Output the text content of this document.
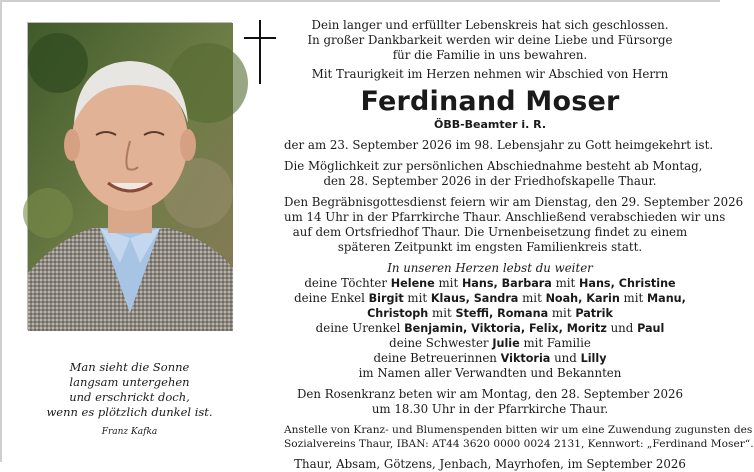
Man sieht die Sonne
langsam untergehen
und erschrickt doch,
wenn es plötzlich dunkel ist.
Franz Kafka
Dein langer und erfüllter Lebenskreis hat sich geschlossen.
In großer Dankbarkeit werden wir deine Liebe und Fürsorge
für die Familie in uns bewahren.
Mit Traurigkeit im Herzen nehmen wir Abschied von Herrn
Ferdinand Moser
ÖBB-Beamter i. R.
der am 23. September 2026 im 98. Lebensjahr zu Gott heimgekehrt ist.
Die Möglichkeit zur persönlichen Abschiednahme besteht ab Montag,
den 28. September 2026 in der Friedhofskapelle Thaur.
Den Begräbnisgottesdienst feiern wir am Dienstag, den 29. September 2026
um 14 Uhr in der Pfarrkirche Thaur. Anschließend verabschieden wir uns
auf dem Ortsfriedhof Thaur. Die Urnenbeisetzung findet zu einem
späteren Zeitpunkt im engsten Familienkreis statt.
In unseren Herzen lebst du weiter
deine Töchter Helene mit Hans, Barbara mit Hans, Christine
deine Enkel Birgit mit Klaus, Sandra mit Noah, Karin mit Manu,
Christoph mit Steffi, Romana mit Patrik
deine Urenkel Benjamin, Viktoria, Felix, Moritz und Paul
deine Schwester Julie mit Familie
deine Betreuerinnen Viktoria und Lilly
im Namen aller Verwandten und Bekannten
Den Rosenkranz beten wir am Montag, den 28. September 2026
um 18.30 Uhr in der Pfarrkirche Thaur.
Anstelle von Kranz- und Blumenspenden bitten wir um eine Zuwendung zugunsten des
Sozialvereins Thaur, IBAN: AT44 3620 0000 0024 2131, Kennwort: „Ferdinand Moser“.
Thaur, Absam, Götzens, Jenbach, Mayrhofen, im September 2026
